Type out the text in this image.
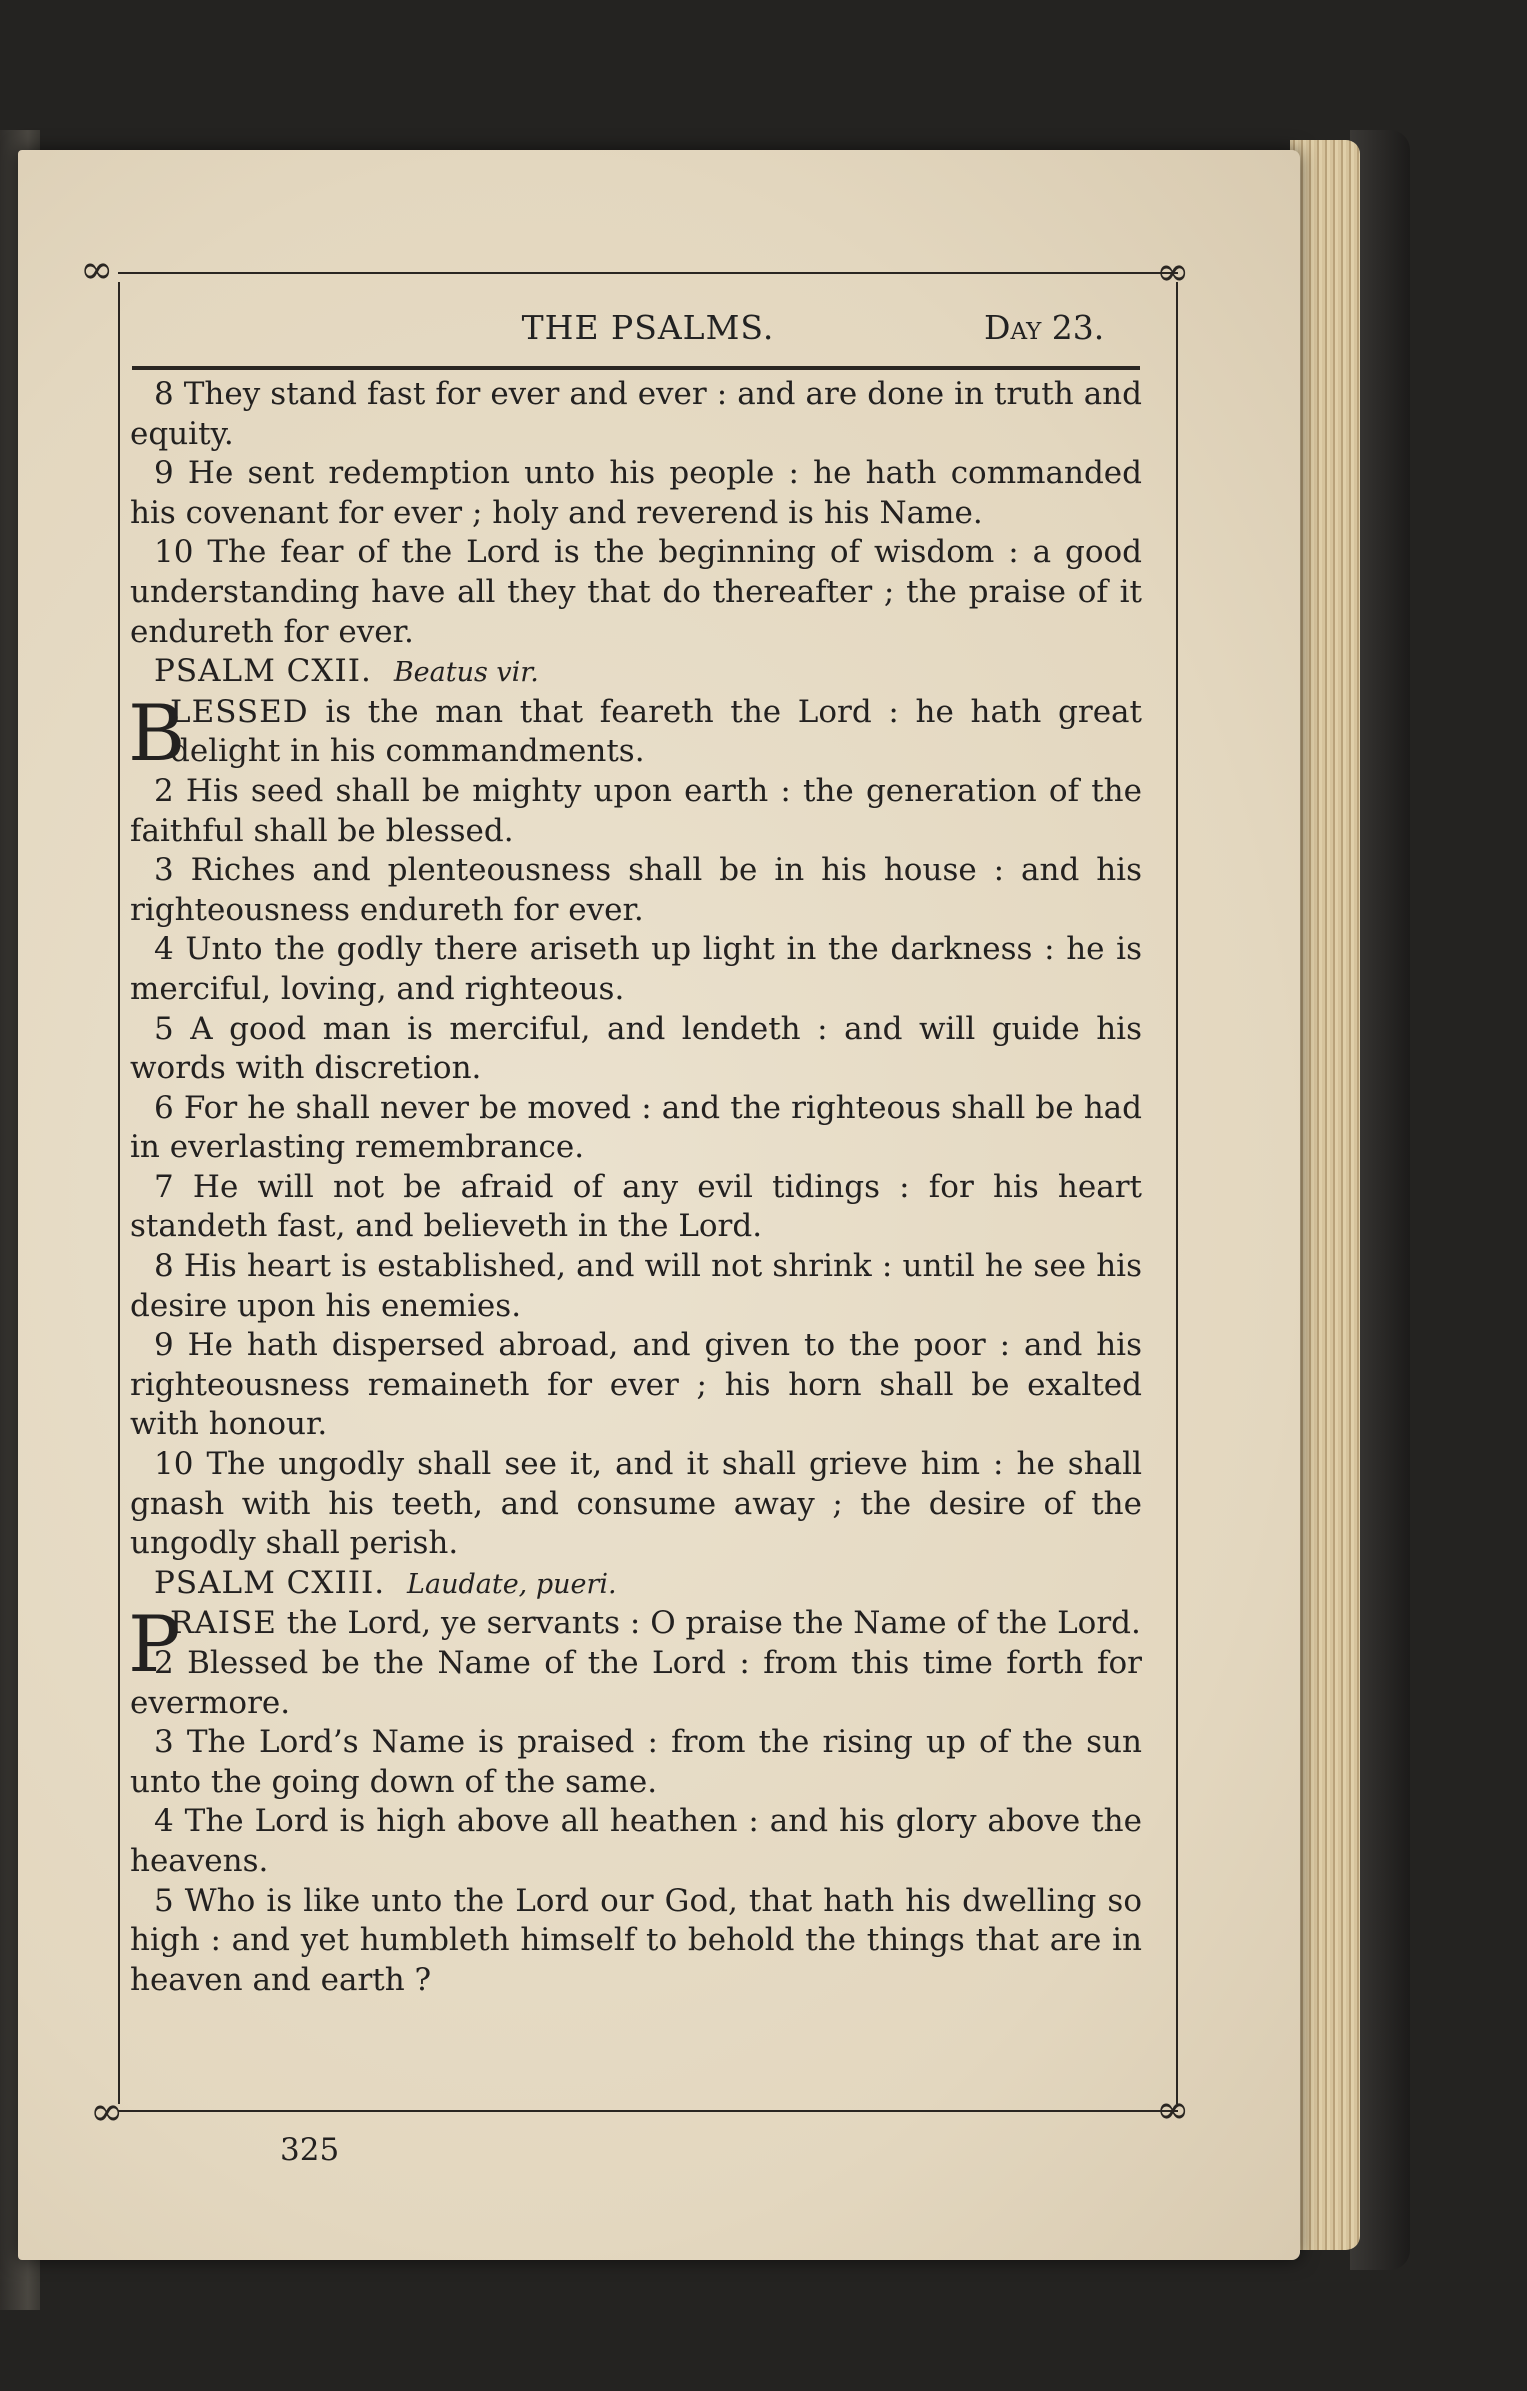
∞	∞
∞	∞
THE PSALMS.	Day 23.

8 They stand fast for ever and ever : and are done in truth and equity.

9 He sent redemption unto his people : he hath commanded his covenant for ever ; holy and reverend is his Name.

10 The fear of the Lord is the beginning of wisdom : a good understanding have all they that do thereafter ; the praise of it endureth for ever.

PSALM CXII. Beatus vir.

B
LESSED is the man that feareth the Lord : he hath great delight in his commandments.

2 His seed shall be mighty upon earth : the generation of the faithful shall be blessed.

3 Riches and plenteousness shall be in his house : and his righteousness endureth for ever.

4 Unto the godly there ariseth up light in the darkness : he is merciful, loving, and righteous.

5 A good man is merciful, and lendeth : and will guide his words with discretion.

6 For he shall never be moved : and the righteous shall be had in everlasting remembrance.

7 He will not be afraid of any evil tidings : for his heart standeth fast, and believeth in the Lord.

8 His heart is established, and will not shrink : until he see his desire upon his enemies.

9 He hath dispersed abroad, and given to the poor : and his righteousness remaineth for ever ; his horn shall be exalted with honour.

10 The ungodly shall see it, and it shall grieve him : he shall gnash with his teeth, and consume away ; the desire of the ungodly shall perish.

PSALM CXIII. Laudate, pueri.

P
RAISE the Lord, ye servants : O praise the Name of the Lord.

2 Blessed be the Name of the Lord : from this time forth for evermore.

3 The Lord’s Name is praised : from the rising up of the sun unto the going down of the same.

4 The Lord is high above all heathen : and his glory above the heavens.

5 Who is like unto the Lord our God, that hath his dwelling so high : and yet humbleth himself to behold the things that are in heaven and earth ?

325
